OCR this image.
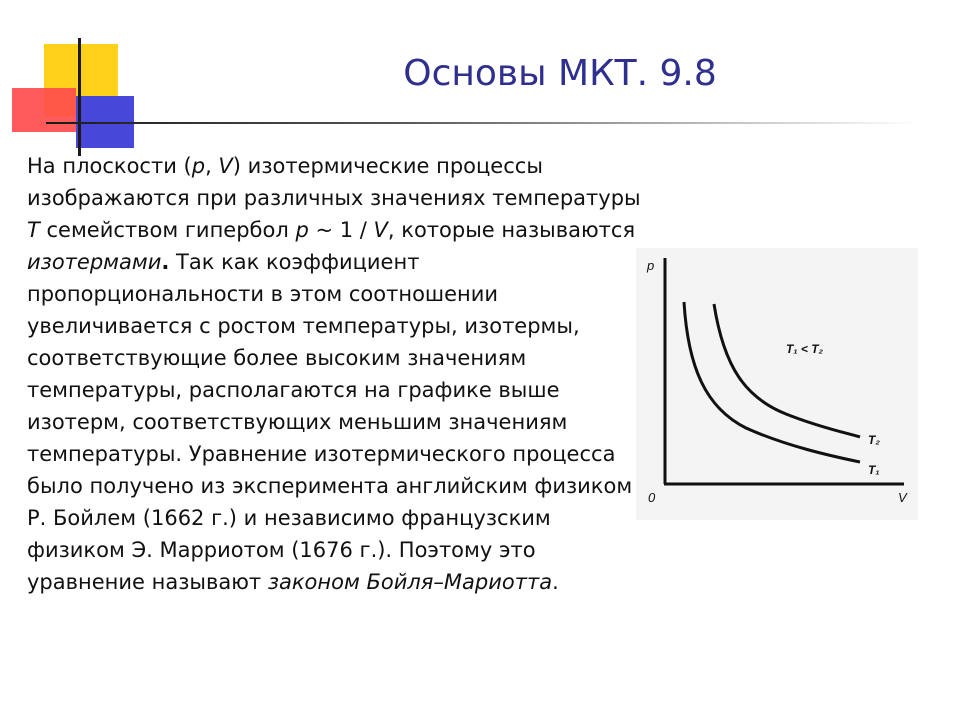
Основы МКТ. 9.8

На плоскости (p, V) изотермические процессы изображаются при различных значениях температуры T семейством гипербол p ~ 1 / V, которые называются изотермами. Так как коэффициент пропорциональности в этом соотношении увеличивается с ростом температуры, изотермы, соответствующие более высоким значениям температуры, располагаются на графике выше изотерм, соответствующих меньшим значениям температуры. Уравнение изотермического процесса было получено из эксперимента английским физиком Р. Бойлем (1662 г.) и независимо французским физиком Э. Марриотом (1676 г.). Поэтому это уравнение называют законом Бойля–Мариотта.

p
V
0
T₁ < T₂
T₂
T₁
